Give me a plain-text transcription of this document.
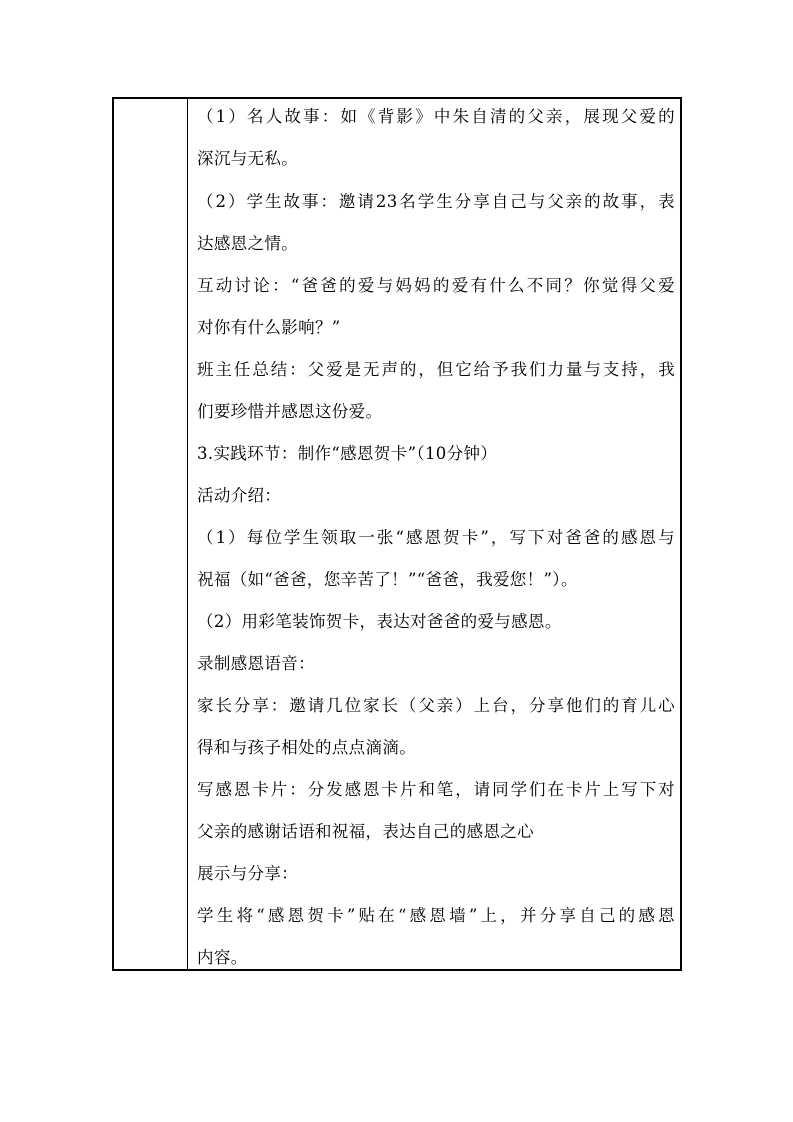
（1）名人故事：如《背影》中朱自清的父亲，展现父爱的
深沉与无私。
（2）学生故事：邀请23名学生分享自己与父亲的故事，表
达感恩之情。
互动讨论：“爸爸的爱与妈妈的爱有什么不同？你觉得父爱
对你有什么影响？”
班主任总结：父爱是无声的，但它给予我们力量与支持，我
们要珍惜并感恩这份爱。
3.实践环节：制作“感恩贺卡”（10分钟）
活动介绍：
（1）每位学生领取一张“感恩贺卡”，写下对爸爸的感恩与
祝福（如“爸爸，您辛苦了！”“爸爸，我爱您！”）。
（2）用彩笔装饰贺卡，表达对爸爸的爱与感恩。
录制感恩语音：
家长分享：邀请几位家长（父亲）上台，分享他们的育儿心
得和与孩子相处的点点滴滴。
写感恩卡片：分发感恩卡片和笔，请同学们在卡片上写下对
父亲的感谢话语和祝福，表达自己的感恩之心
展示与分享：
学生将“感恩贺卡”贴在“感恩墙”上，并分享自己的感恩
内容。
